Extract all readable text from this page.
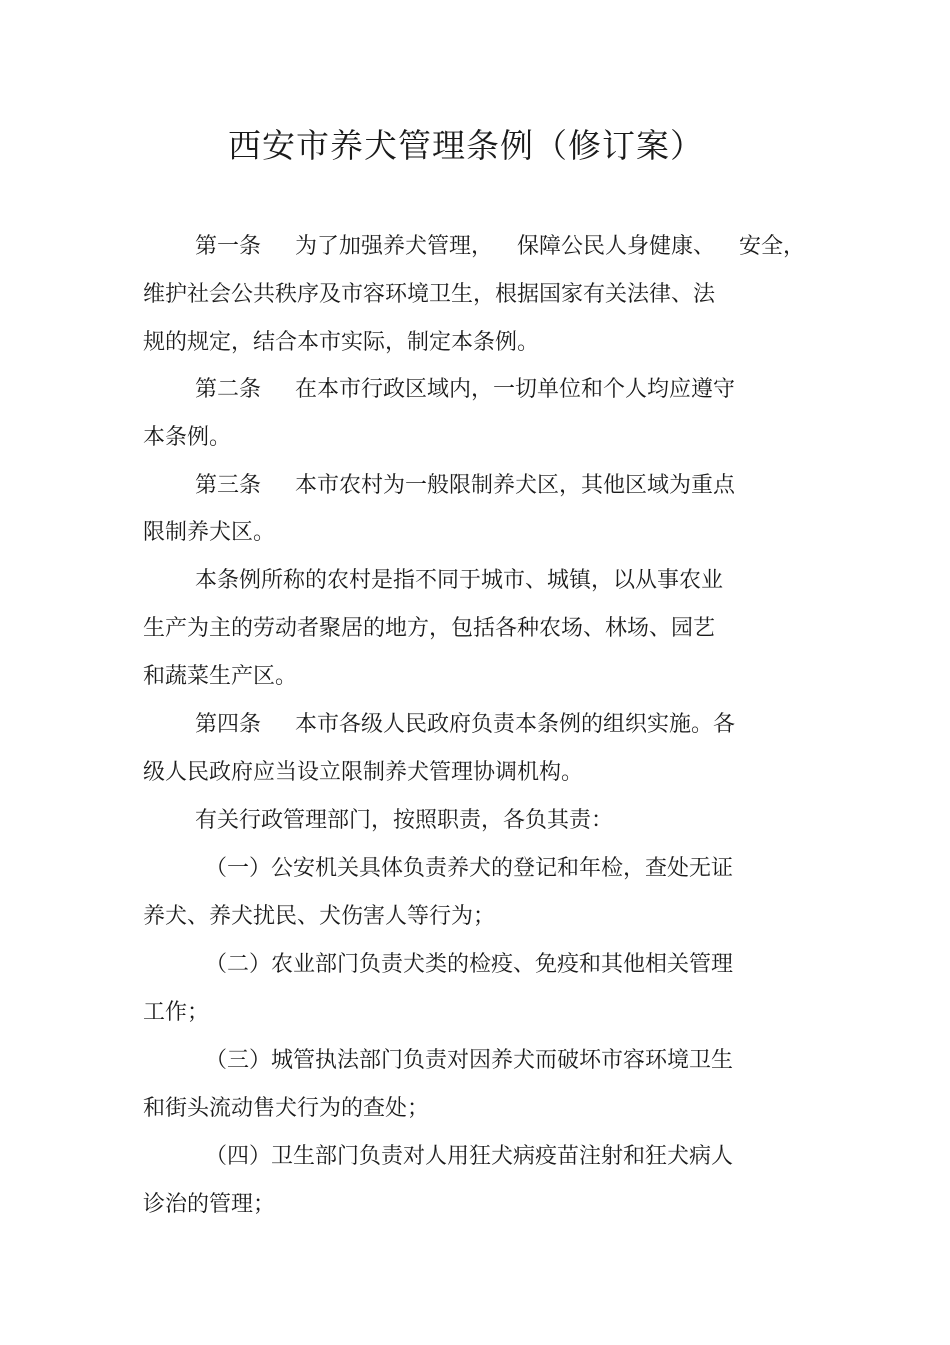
西安市养犬管理条例（修订案）
第一条 为了加强养犬管理， 保障公民人身健康、 安全，
维护社会公共秩序及市容环境卫生，根据国家有关法律、法
规的规定，结合本市实际，制定本条例。
第二条 在本市行政区域内，一切单位和个人均应遵守
本条例。
第三条 本市农村为一般限制养犬区，其他区域为重点
限制养犬区。
本条例所称的农村是指不同于城市、城镇，以从事农业
生产为主的劳动者聚居的地方，包括各种农场、林场、园艺
和蔬菜生产区。
第四条 本市各级人民政府负责本条例的组织实施。各
级人民政府应当设立限制养犬管理协调机构。
有关行政管理部门，按照职责，各负其责：
（一）公安机关具体负责养犬的登记和年检，查处无证
养犬、养犬扰民、犬伤害人等行为；
（二）农业部门负责犬类的检疫、免疫和其他相关管理
工作；
（三）城管执法部门负责对因养犬而破坏市容环境卫生
和街头流动售犬行为的查处；
（四）卫生部门负责对人用狂犬病疫苗注射和狂犬病人
诊治的管理；
